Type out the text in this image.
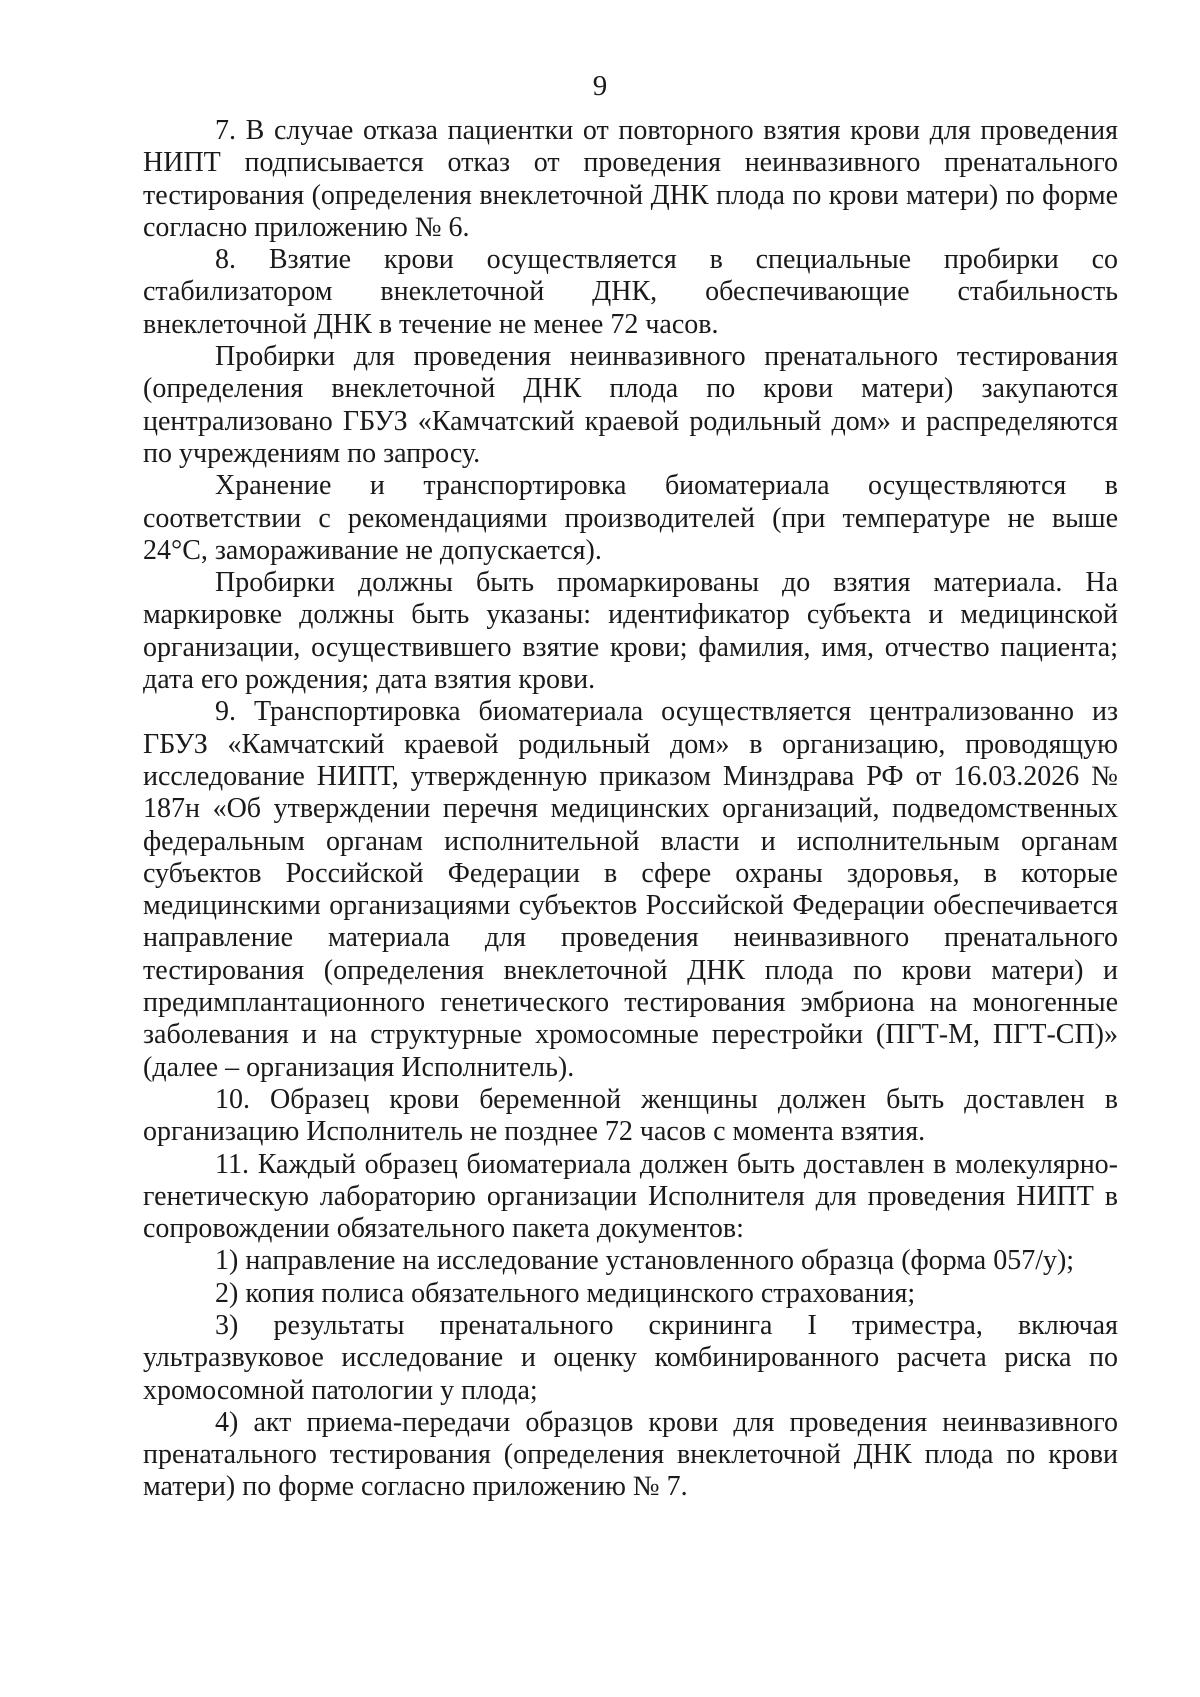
9

7. В случае отказа пациентки от повторного взятия крови для проведения НИПТ подписывается отказ от проведения неинвазивного пренатального тестирования (определения внеклеточной ДНК плода по крови матери) по форме согласно приложению № 6.

8. Взятие крови осуществляется в специальные пробирки со стабилизатором внеклеточной ДНК, обеспечивающие стабильность внеклеточной ДНК в течение не менее 72 часов.

Пробирки для проведения неинвазивного пренатального тестирования (определения внеклеточной ДНК плода по крови матери) закупаются централизовано ГБУЗ «Камчатский краевой родильный дом» и распределяются по учреждениям по запросу.

Хранение и транспортировка биоматериала осуществляются в соответствии с рекомендациями производителей (при температуре не выше 24°С, замораживание не допускается).

Пробирки должны быть промаркированы до взятия материала. На маркировке должны быть указаны: идентификатор субъекта и медицинской организации, осуществившего взятие крови; фамилия, имя, отчество пациента; дата его рождения; дата взятия крови.

9. Транспортировка биоматериала осуществляется централизованно из ГБУЗ «Камчатский краевой родильный дом» в организацию, проводящую исследование НИПТ, утвержденную приказом Минздрава РФ от 16.03.2026 № 187н «Об утверждении перечня медицинских организаций, подведомственных федеральным органам исполнительной власти и исполнительным органам субъектов Российской Федерации в сфере охраны здоровья, в которые медицинскими организациями субъектов Российской Федерации обеспечивается направление материала для проведения неинвазивного пренатального тестирования (определения внеклеточной ДНК плода по крови матери) и предимплантационного генетического тестирования эмбриона на моногенные заболевания и на структурные хромосомные перестройки (ПГТ-М, ПГТ-СП)» (далее – организация Исполнитель).

10. Образец крови беременной женщины должен быть доставлен в организацию Исполнитель не позднее 72 часов с момента взятия.

11. Каждый образец биоматериала должен быть доставлен в молекулярно-генетическую лабораторию организации Исполнителя для проведения НИПТ в сопровождении обязательного пакета документов:

1) направление на исследование установленного образца (форма 057/у);

2) копия полиса обязательного медицинского страхования;

3) результаты пренатального скрининга I триместра, включая ультразвуковое исследование и оценку комбинированного расчета риска по хромосомной патологии у плода;

4) акт приема-передачи образцов крови для проведения неинвазивного пренатального тестирования (определения внеклеточной ДНК плода по крови матери) по форме согласно приложению № 7.
